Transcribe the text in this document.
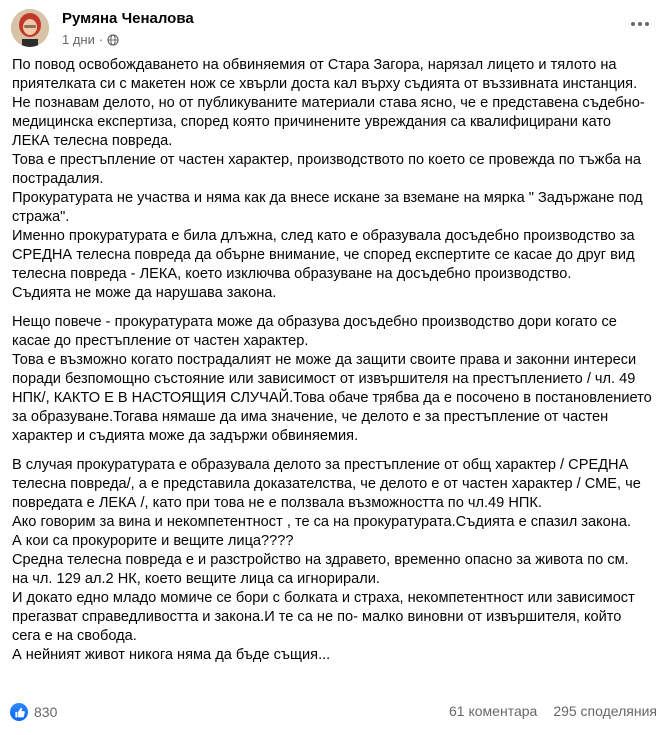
Румяна Ченалова
1 дни ·
По повод освобождаването на обвиняемия от Стара Загора, нарязал лицето и тялото на
приятелката си с макетен нож се хвърли доста кал върху съдията от въззивната инстанция.
Не познавам делото, но от публикуваните материали става ясно, че е представена съдебно-
медицинска експертиза, според която причинените увреждания са квалифицирани като
ЛЕКА телесна повреда.
Това е престъпление от частен характер, производството по което се провежда по тъжба на
пострадалия.
Прокуратурата не участва и няма как да внесе искане за вземане на мярка " Задържане под
стража".
Именно прокуратурата е била длъжна, след като е образувала досъдебно производство за
СРЕДНА телесна повреда да обърне внимание, че според експертите се касае до друг вид
телесна повреда - ЛЕКА, което изключва образуване на досъдебно производство.
Съдията не може да нарушава закона.
Нещо повече - прокуратурата може да образува досъдебно производство дори когато се
касае до престъпление от частен характер.
Това е възможно когато пострадалият не може да защити своите права и законни интереси
поради безпомощно състояние или зависимост от извършителя на престъплението / чл. 49
НПК/, КАКТО Е В НАСТОЯЩИЯ СЛУЧАЙ.Това обаче трябва да е посочено в постановлението
за образуване.Тогава нямаше да има значение, че делото е за престъпление от частен
характер и съдията може да задържи обвиняемия.
В случая прокуратурата е образувала делото за престъпление от общ характер / СРЕДНА
телесна повреда/, а е представила доказателства, че делото е от частен характер / СМЕ, че
повредата е ЛЕКА /, като при това не е ползвала възможността по чл.49 НПК.
Ако говорим за вина и некомпетентност , те са на прокуратурата.Съдията е спазил закона.
А кои са прокурорите и вещите лица????
Средна телесна повреда е и разстройство на здравето, временно опасно за живота по см.
на чл. 129 ал.2 НК, което вещите лица са игнорирали.
И докато едно младо момиче се бори с болката и страха, некомпетентност или зависимост
прегазват справедливостта и закона.И те са не по- малко виновни от извършителя, който
сега е на свобода.
А нейният живот никога няма да бъде същия...
830	61 коментара 295 споделяния
